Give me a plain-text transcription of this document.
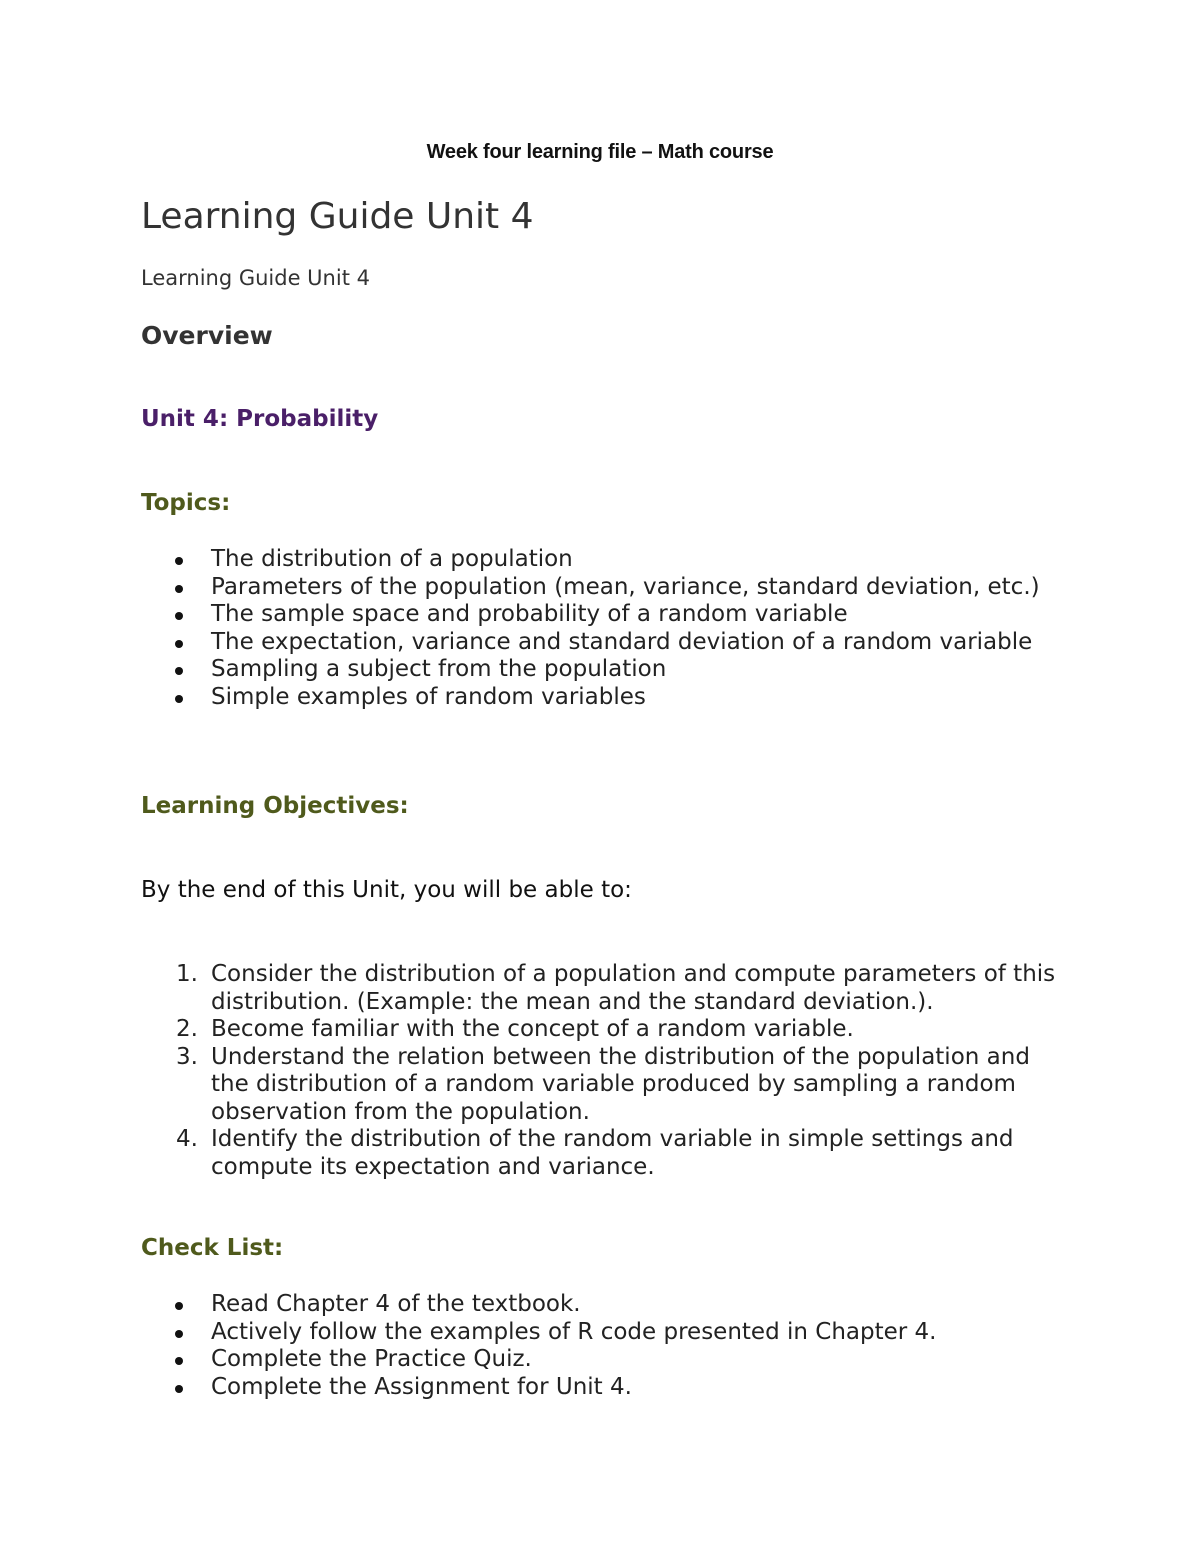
Week four learning file – Math course

Learning Guide Unit 4

Learning Guide Unit 4

Overview
Unit 4: Probability
Topics:
The distribution of a population
Parameters of the population (mean, variance, standard deviation, etc.)
The sample space and probability of a random variable
The expectation, variance and standard deviation of a random variable
Sampling a subject from the population
Simple examples of random variables
Learning Objectives:

By the end of this Unit, you will be able to:

1. Consider the distribution of a population and compute parameters of this distribution. (Example: the mean and the standard deviation.).
2. Become familiar with the concept of a random variable.
3. Understand the relation between the distribution of the population and the distribution of a random variable produced by sampling a random observation from the population.
4. Identify the distribution of the random variable in simple settings and compute its expectation and variance.
Check List:
Read Chapter 4 of the textbook.
Actively follow the examples of R code presented in Chapter 4.
Complete the Practice Quiz.
Complete the Assignment for Unit 4.
